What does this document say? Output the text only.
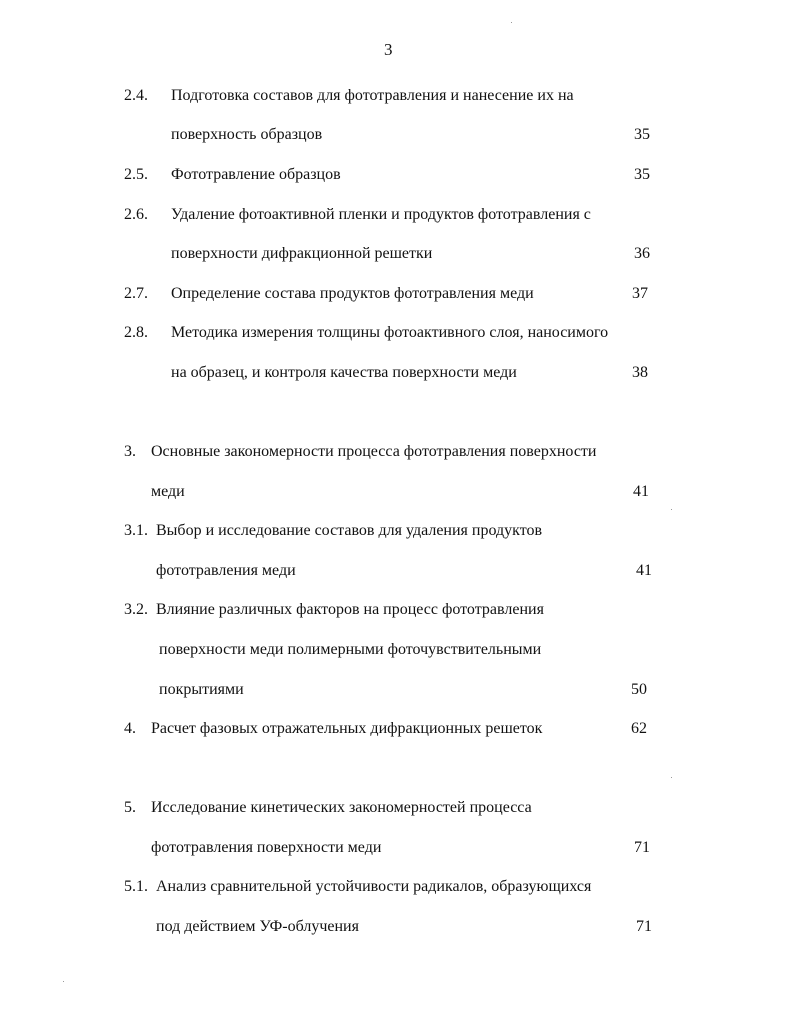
3
2.4. Подготовка составов для фототравления и нанесение их на
поверхность образцов	35
2.5. Фототравление образцов	35
2.6. Удаление фотоактивной пленки и продуктов фототравления с
поверхности дифракционной решетки	36
2.7. Определение состава продуктов фототравления меди	37
2.8. Методика измерения толщины фотоактивного слоя, наносимого
на образец, и контроля качества поверхности меди	38
3. Основные закономерности процесса фототравления поверхности
меди	41
3.1. Выбор и исследование составов для удаления продуктов
фототравления меди	41
3.2. Влияние различных факторов на процесс фототравления
поверхности меди полимерными фоточувствительными
покрытиями	50
4. Расчет фазовых отражательных дифракционных решеток	62
5. Исследование кинетических закономерностей процесса
фототравления поверхности меди	71
5.1. Анализ сравнительной устойчивости радикалов, образующихся
под действием УФ-облучения	71
